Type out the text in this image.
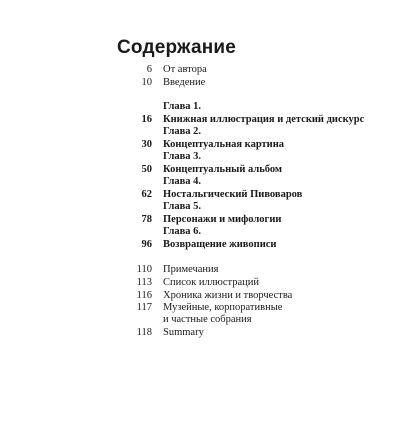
Содержание
6 От автора
10 Введение
Глава 1.
16 Книжная иллюстрация и детский дискурс
Глава 2.
30 Концептуальная картина
Глава 3.
50 Концептуальный альбом
Глава 4.
62 Ностальгический Пивоваров
Глава 5.
78 Персонажи и мифологии
Глава 6.
96 Возвращение живописи
110 Примечания
113 Список иллюстраций
116 Хроника жизни и творчества
117 Музейные, корпоративные
и частные собрания
118 Summary
